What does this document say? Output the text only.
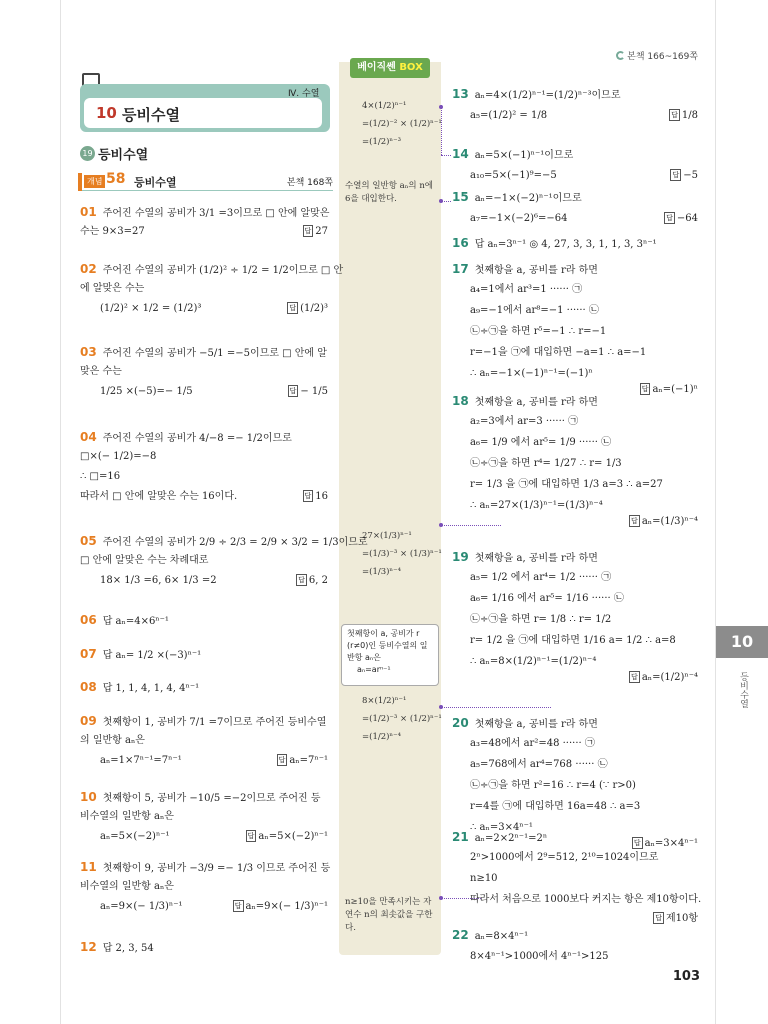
본책 166~169쪽
베이직쎈 BOX
10
등비수열
Ⅳ. 수열
10 등비수열
19 등비수열
개념 58 등비수열	본책 168쪽
01 주어진 수열의 공비가 3/1 =3이므로 □ 안에 알맞은
수는 9×3=27	답 27
02 주어진 수열의 공비가 (1/2)² ÷ 1/2 = 1/2이므로 □ 안
에 알맞은 수는
(1/2)² × 1/2 = (1/2)³	답 (1/2)³
03 주어진 수열의 공비가 −5/1 =−5이므로 □ 안에 알
맞은 수는
1/25 ×(−5)=− 1/5	답 − 1/5
04 주어진 수열의 공비가 4/−8 =− 1/2이므로
□×(− 1/2)=−8
∴ □=16
따라서 □ 안에 알맞은 수는 16이다.	답 16
05 주어진 수열의 공비가 2/9 ÷ 2/3 = 2/9 × 3/2 = 1/3이므로
□ 안에 알맞은 수는 차례대로
18× 1/3 =6, 6× 1/3 =2	답 6, 2
06 답 aₙ=4×6ⁿ⁻¹
07 답 aₙ= 1/2 ×(−3)ⁿ⁻¹
08 답 1, 1, 4, 1, 4, 4ⁿ⁻¹
09 첫째항이 1, 공비가 7/1 =7이므로 주어진 등비수열
의 일반항 aₙ은
aₙ=1×7ⁿ⁻¹=7ⁿ⁻¹	답 aₙ=7ⁿ⁻¹
10 첫째항이 5, 공비가 −10/5 =−2이므로 주어진 등
비수열의 일반항 aₙ은
aₙ=5×(−2)ⁿ⁻¹	답 aₙ=5×(−2)ⁿ⁻¹
11 첫째항이 9, 공비가 −3/9 =− 1/3 이므로 주어진 등
비수열의 일반항 aₙ은
aₙ=9×(− 1/3)ⁿ⁻¹	답 aₙ=9×(− 1/3)ⁿ⁻¹
12 답 2, 3, 54
13 aₙ=4×(1/2)ⁿ⁻¹=(1/2)ⁿ⁻³이므로
a₅=(1/2)² = 1/8	답 1/8
14 aₙ=5×(−1)ⁿ⁻¹이므로
a₁₀=5×(−1)⁹=−5	답 −5
15 aₙ=−1×(−2)ⁿ⁻¹이므로
a₇=−1×(−2)⁶=−64	답 −64
16 답 aₙ=3ⁿ⁻¹ ◎ 4, 27, 3, 3, 1, 1, 3, 3ⁿ⁻¹
17 첫째항을 a, 공비를 r라 하면
a₄=1에서 ar³=1 ······ ㉠
a₉=−1에서 ar⁸=−1 ······ ㉡
㉡÷㉠을 하면 r⁵=−1 ∴ r=−1
r=−1을 ㉠에 대입하면 −a=1 ∴ a=−1
∴ aₙ=−1×(−1)ⁿ⁻¹=(−1)ⁿ
답 aₙ=(−1)ⁿ
18 첫째항을 a, 공비를 r라 하면
a₂=3에서 ar=3 ······ ㉠
a₆= 1/9 에서 ar⁵= 1/9 ······ ㉡
㉡÷㉠을 하면 r⁴= 1/27 ∴ r= 1/3
r= 1/3 을 ㉠에 대입하면 1/3 a=3 ∴ a=27
∴ aₙ=27×(1/3)ⁿ⁻¹=(1/3)ⁿ⁻⁴
답 aₙ=(1/3)ⁿ⁻⁴
19 첫째항을 a, 공비를 r라 하면
a₅= 1/2 에서 ar⁴= 1/2 ······ ㉠
a₆= 1/16 에서 ar⁵= 1/16 ······ ㉡
㉡÷㉠을 하면 r= 1/8 ∴ r= 1/2
r= 1/2 을 ㉠에 대입하면 1/16 a= 1/2 ∴ a=8
∴ aₙ=8×(1/2)ⁿ⁻¹=(1/2)ⁿ⁻⁴
답 aₙ=(1/2)ⁿ⁻⁴
20 첫째항을 a, 공비를 r라 하면
a₃=48에서 ar²=48 ······ ㉠
a₅=768에서 ar⁴=768 ······ ㉡
㉡÷㉠을 하면 r²=16 ∴ r=4 (∵ r>0)
r=4를 ㉠에 대입하면 16a=48 ∴ a=3
∴ aₙ=3×4ⁿ⁻¹
답 aₙ=3×4ⁿ⁻¹
21 aₙ=2×2ⁿ⁻¹=2ⁿ
2ⁿ>1000에서 2⁹=512, 2¹⁰=1024이므로
n≥10
따라서 처음으로 1000보다 커지는 항은 제10항이다.
답 제10항
22 aₙ=8×4ⁿ⁻¹
8×4ⁿ⁻¹>1000에서 4ⁿ⁻¹>125
4×(1/2)ⁿ⁻¹
=(1/2)⁻² × (1/2)ⁿ⁻¹
=(1/2)ⁿ⁻³
수열의 일반항 aₙ의 n에
6을 대입한다.
27×(1/3)ⁿ⁻¹
=(1/3)⁻³ × (1/3)ⁿ⁻¹
=(1/3)ⁿ⁻⁴
8×(1/2)ⁿ⁻¹
=(1/2)⁻³ × (1/2)ⁿ⁻¹
=(1/2)ⁿ⁻⁴
n≥10을 만족시키는 자
연수 n의 최솟값을 구한
다.
첫째항이 a, 공비가 r
(r≠0)인 등비수열의 일
반항 aₙ은
aₙ=arⁿ⁻¹
103
